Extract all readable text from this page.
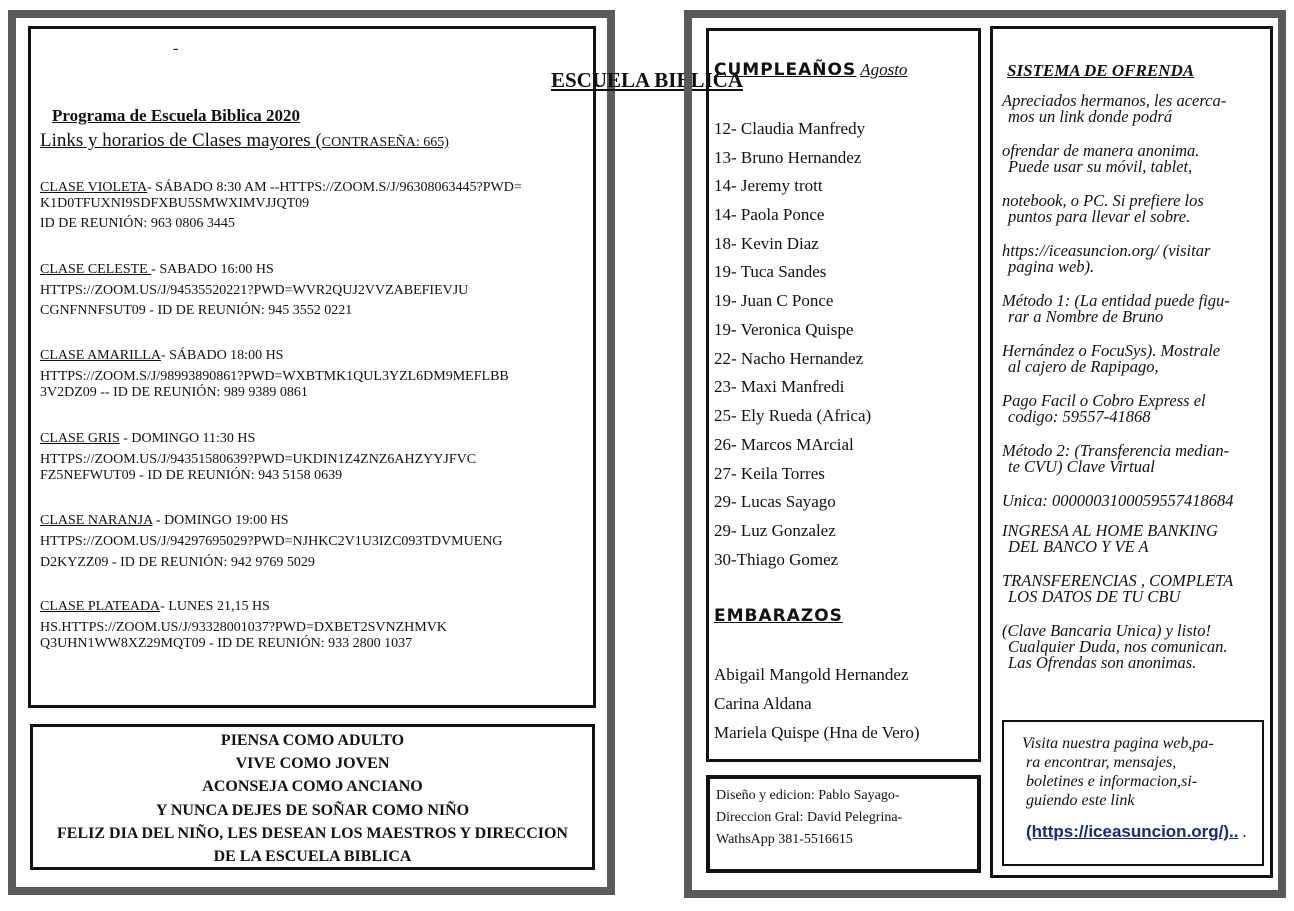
-
ESCUELA BIBLICA
Programa de Escuela Biblica 2020
Links y horarios de Clases mayores (CONTRASEÑA: 665)
CLASE VIOLETA- SÁBADO 8:30 AM --HTTPS://ZOOM.S/J/96308063445?PWD=
K1D0TFUXNI9SDFXBU5SMWXIMVJJQT09
ID DE REUNIÓN: 963 0806 3445
CLASE CELESTE - SABADO 16:00 HS
HTTPS://ZOOM.US/J/94535520221?PWD=WVR2QUJ2VVZABEFIEVJU
CGNFNNFSUT09 - ID DE REUNIÓN: 945 3552 0221
CLASE AMARILLA- SÁBADO 18:00 HS
HTTPS://ZOOM.S/J/98993890861?PWD=WXBTMK1QUL3YZL6DM9MEFLBB
3V2DZ09 -- ID DE REUNIÓN: 989 9389 0861
CLASE GRIS - DOMINGO 11:30 HS
HTTPS://ZOOM.US/J/94351580639?PWD=UKDIN1Z4ZNZ6AHZYYJFVC
FZ5NEFWUT09 - ID DE REUNIÓN: 943 5158 0639
CLASE NARANJA - DOMINGO 19:00 HS
HTTPS://ZOOM.US/J/94297695029?PWD=NJHKC2V1U3IZC093TDVMUENG
D2KYZZ09 - ID DE REUNIÓN: 942 9769 5029
CLASE PLATEADA- LUNES 21,15 HS
HS.HTTPS://ZOOM.US/J/93328001037?PWD=DXBET2SVNZHMVK
Q3UHN1WW8XZ29MQT09 - ID DE REUNIÓN: 933 2800 1037
PIENSA COMO ADULTO
VIVE COMO JOVEN
ACONSEJA COMO ANCIANO
Y NUNCA DEJES DE SOÑAR COMO NIÑO
FELIZ DIA DEL NIÑO, LES DESEAN LOS MAESTROS Y DIRECCION
DE LA ESCUELA BIBLICA
CUMPLEAÑOS Agosto
12- Claudia Manfredy
13- Bruno Hernandez
14- Jeremy trott
14- Paola Ponce
18- Kevin Diaz
19- Tuca Sandes
19- Juan C Ponce
19- Veronica Quispe
22- Nacho Hernandez
23- Maxi Manfredi
25- Ely Rueda (Africa)
26- Marcos MArcial
27- Keila Torres
29- Lucas Sayago
29- Luz Gonzalez
30-Thiago Gomez
EMBARAZOS
Abigail Mangold Hernandez
Carina Aldana
Mariela Quispe (Hna de Vero)
Diseño y edicion: Pablo Sayago-
Direccion Gral: David Pelegrina-
WathsApp 381-5516615
SISTEMA DE OFRENDA
Apreciados hermanos, les acerca-
mos un link donde podrá
ofrendar de manera anonima.
Puede usar su móvil, tablet,
notebook, o PC. Si prefiere los
puntos para llevar el sobre.
https://iceasuncion.org/ (visitar
pagina web).
Método 1: (La entidad puede figu-
rar a Nombre de Bruno
Hernández o FocuSys). Mostrale
al cajero de Rapipago,
Pago Facil o Cobro Express el
codigo: 59557-41868
Método 2: (Transferencia median-
te CVU) Clave Virtual
Unica: 0000003100059557418684
INGRESA AL HOME BANKING
DEL BANCO Y VE A
TRANSFERENCIAS , COMPLETA
LOS DATOS DE TU CBU
(Clave Bancaria Unica) y listo!
Cualquier Duda, nos comunican.
Las Ofrendas son anonimas.
Visita nuestra pagina web,pa-
ra encontrar, mensajes,
boletines e informacion,si-
guiendo este link
(https://iceasuncion.org/).. .
